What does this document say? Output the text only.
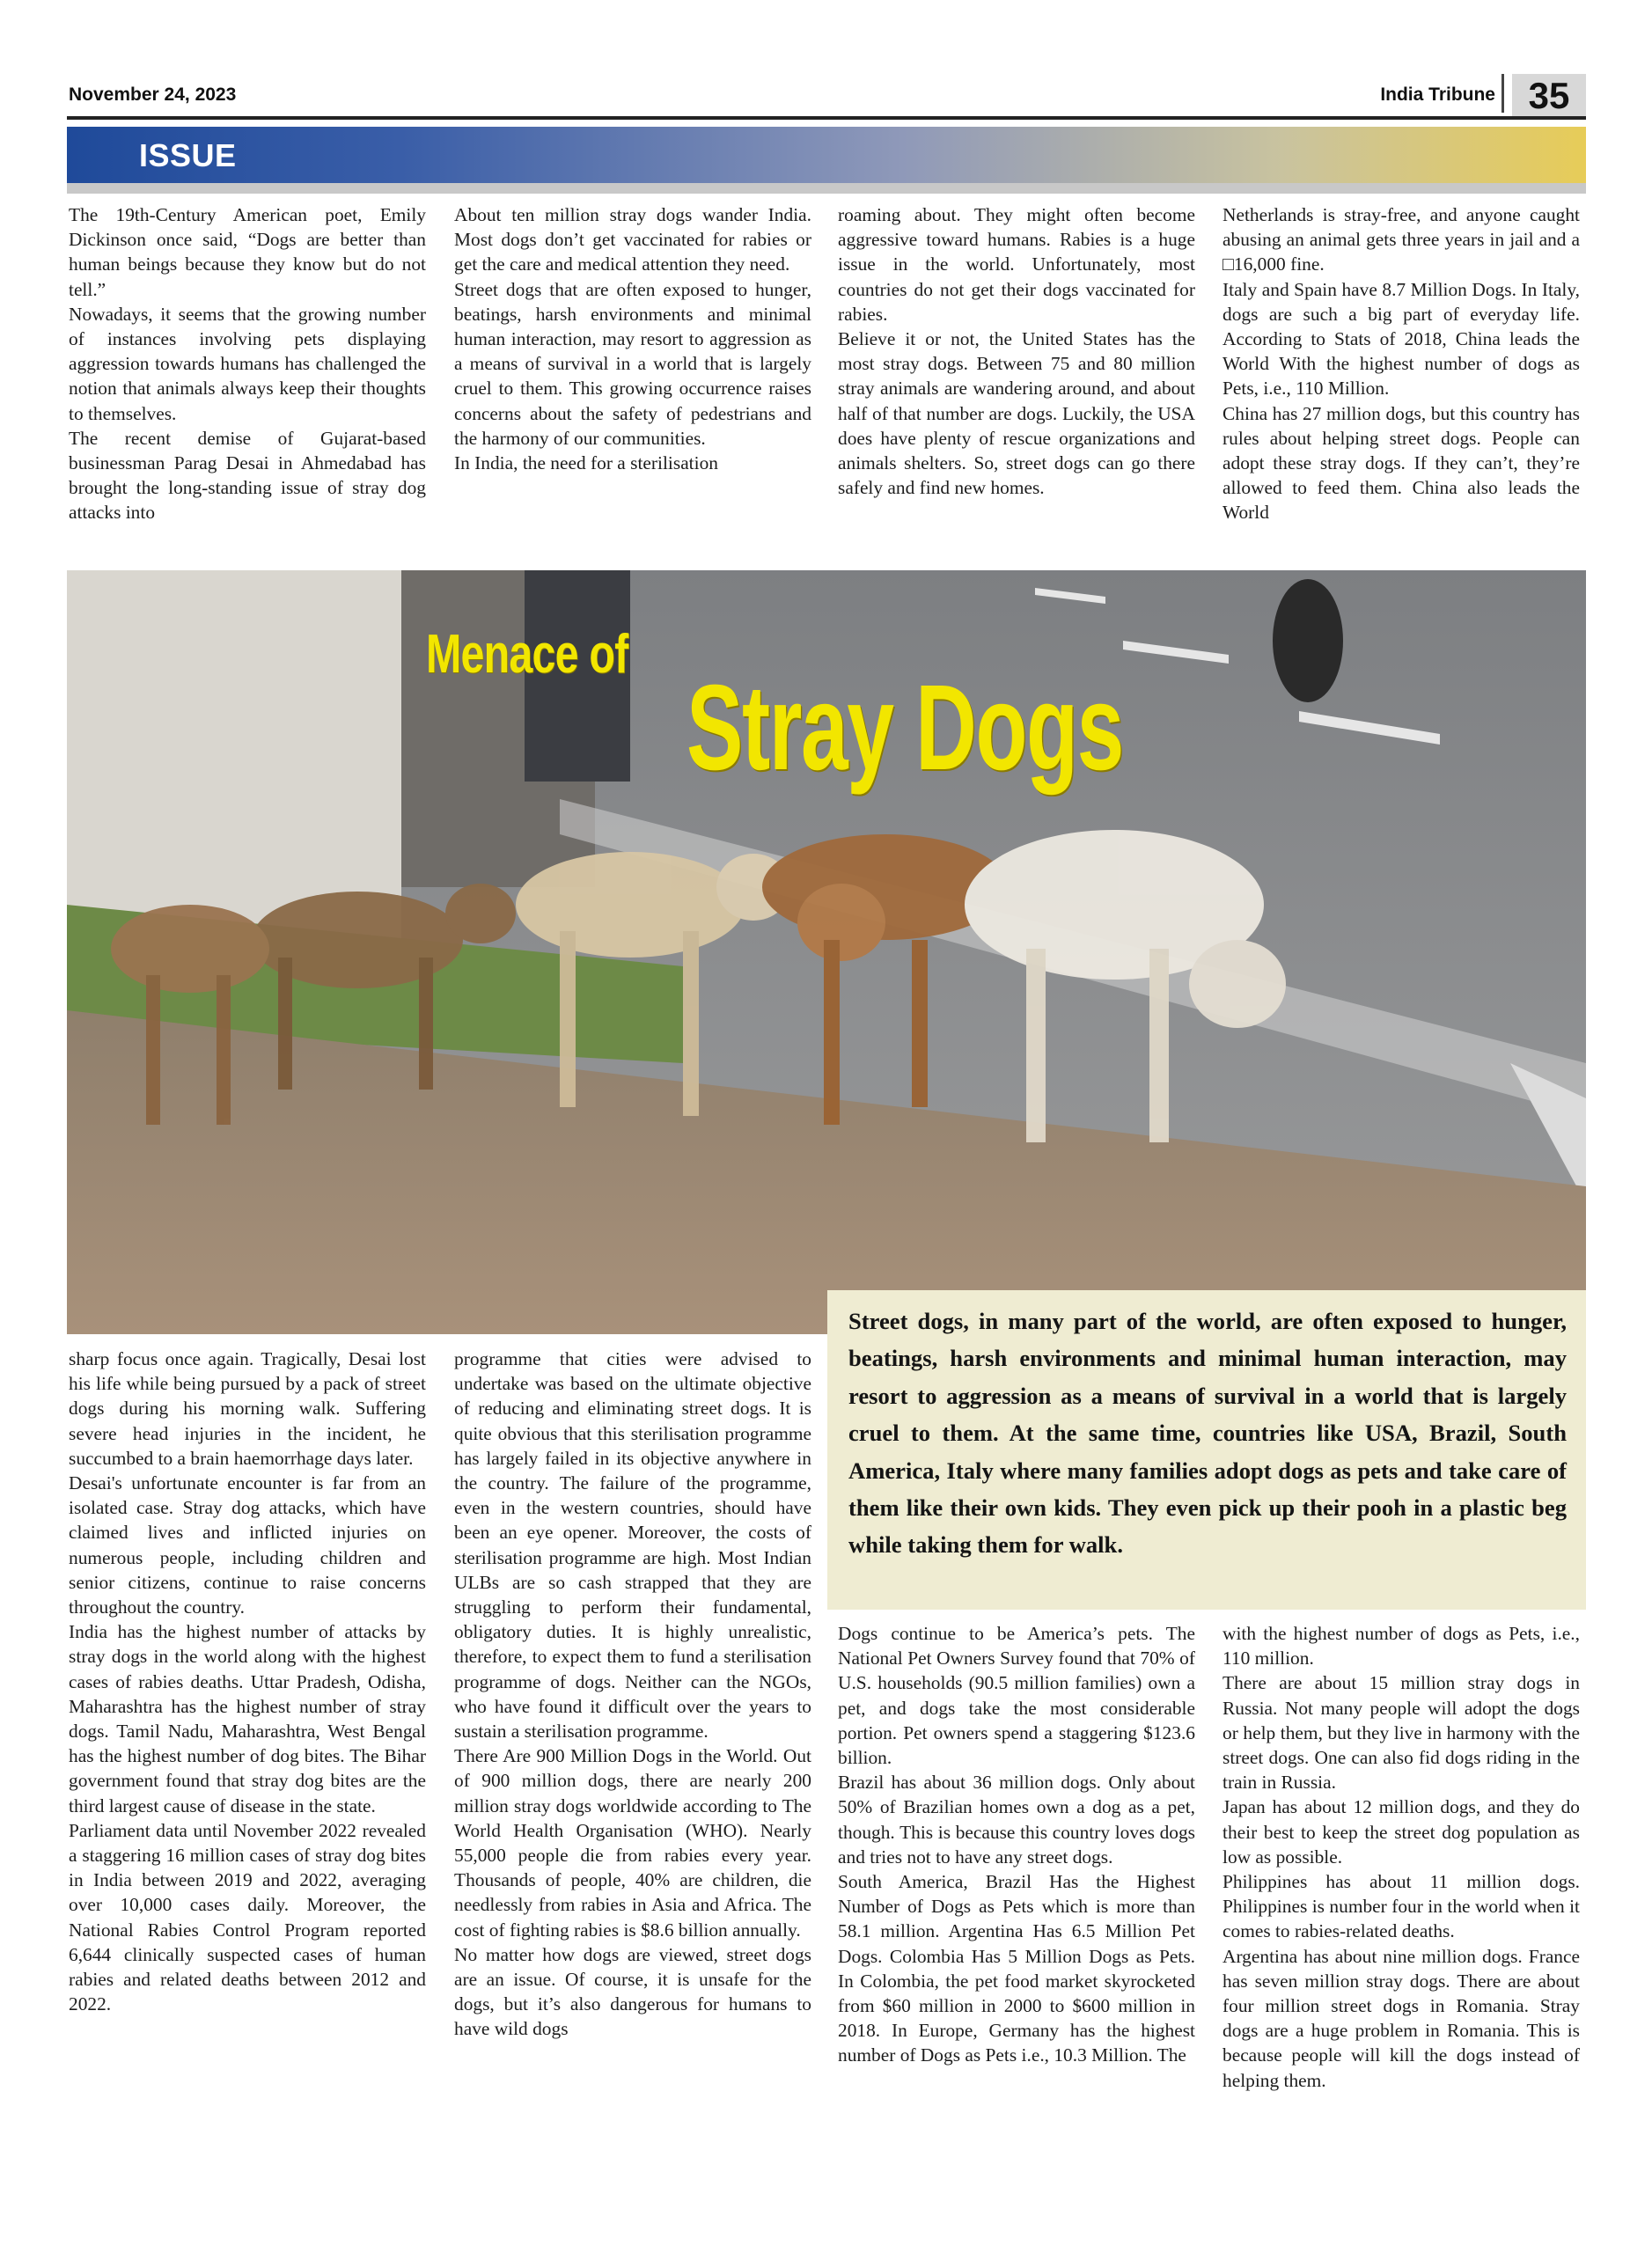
November 24, 2023	India Tribune 35
ISSUE

The 19th-Century American poet, Emily Dickinson once said, “Dogs are better than human beings because they know but do not tell.”

Nowadays, it seems that the growing number of instances involving pets displaying aggression towards humans has challenged the notion that animals always keep their thoughts to themselves.

The recent demise of Gujarat-based businessman Parag Desai in Ahmedabad has brought the long-standing issue of stray dog attacks into

About ten million stray dogs wander India. Most dogs don’t get vaccinated for rabies or get the care and medical attention they need.

Street dogs that are often exposed to hunger, beatings, harsh environments and minimal human interaction, may resort to aggression as a means of survival in a world that is largely cruel to them. This growing occurrence raises concerns about the safety of pedestrians and the harmony of our communities.

In India, the need for a sterilisation

roaming about. They might often become aggressive toward humans. Rabies is a huge issue in the world. Unfortunately, most countries do not get their dogs vaccinated for rabies.

Believe it or not, the United States has the most stray dogs. Between 75 and 80 million stray animals are wandering around, and about half of that number are dogs. Luckily, the USA does have plenty of rescue organizations and animals shelters. So, street dogs can go there safely and find new homes.

Netherlands is stray-free, and anyone caught abusing an animal gets three years in jail and a □16,000 fine.

Italy and Spain have 8.7 Million Dogs. In Italy, dogs are such a big part of everyday life. According to Stats of 2018, China leads the World With the highest number of dogs as Pets, i.e., 110 Million.

China has 27 million dogs, but this country has rules about helping street dogs. People can adopt these stray dogs. If they can’t, they’re allowed to feed them. China also leads the World

Menace of
Stray Dogs

Street dogs, in many part of the world, are often exposed to hunger, beatings, harsh environments and minimal human interaction, may resort to aggression as a means of survival in a world that is largely cruel to them. At the same time, countries like USA, Brazil, South America, Italy where many families adopt dogs as pets and take care of them like their own kids. They even pick up their pooh in a plastic beg while taking them for walk.

sharp focus once again. Tragically, Desai lost his life while being pursued by a pack of street dogs during his morning walk. Suffering severe head injuries in the incident, he succumbed to a brain haemorrhage days later.

Desai's unfortunate encounter is far from an isolated case. Stray dog attacks, which have claimed lives and inflicted injuries on numerous people, including children and senior citizens, continue to raise concerns throughout the country.

India has the highest number of attacks by stray dogs in the world along with the highest cases of rabies deaths. Uttar Pradesh, Odisha, Maharashtra has the highest number of stray dogs. Tamil Nadu, Maharashtra, West Bengal has the highest number of dog bites. The Bihar government found that stray dog bites are the third largest cause of disease in the state.

Parliament data until November 2022 revealed a staggering 16 million cases of stray dog bites in India between 2019 and 2022, averaging over 10,000 cases daily. Moreover, the National Rabies Control Program reported 6,644 clinically suspected cases of human rabies and related deaths between 2012 and 2022.

programme that cities were advised to undertake was based on the ultimate objective of reducing and eliminating street dogs. It is quite obvious that this sterilisation programme has largely failed in its objective anywhere in the country. The failure of the programme, even in the western countries, should have been an eye opener. Moreover, the costs of sterilisation programme are high. Most Indian ULBs are so cash strapped that they are struggling to perform their fundamental, obligatory duties. It is highly unrealistic, therefore, to expect them to fund a sterilisation programme of dogs. Neither can the NGOs, who have found it difficult over the years to sustain a sterilisation programme.

There Are 900 Million Dogs in the World. Out of 900 million dogs, there are nearly 200 million stray dogs worldwide according to The World Health Organisation (WHO). Nearly 55,000 people die from rabies every year. Thousands of people, 40% are children, die needlessly from rabies in Asia and Africa. The cost of fighting rabies is $8.6 billion annually.

No matter how dogs are viewed, street dogs are an issue. Of course, it is unsafe for the dogs, but it’s also dangerous for humans to have wild dogs

Dogs continue to be America’s pets. The National Pet Owners Survey found that 70% of U.S. households (90.5 million families) own a pet, and dogs take the most considerable portion. Pet owners spend a staggering $123.6 billion.

Brazil has about 36 million dogs. Only about 50% of Brazilian homes own a dog as a pet, though. This is because this country loves dogs and tries not to have any street dogs.

South America, Brazil Has the Highest Number of Dogs as Pets which is more than 58.1 million. Argentina Has 6.5 Million Pet Dogs. Colombia Has 5 Million Dogs as Pets. In Colombia, the pet food market skyrocketed from $60 million in 2000 to $600 million in 2018. In Europe, Germany has the highest number of Dogs as Pets i.e., 10.3 Million. The

with the highest number of dogs as Pets, i.e., 110 million.

There are about 15 million stray dogs in Russia. Not many people will adopt the dogs or help them, but they live in harmony with the street dogs. One can also fid dogs riding in the train in Russia.

Japan has about 12 million dogs, and they do their best to keep the street dog population as low as possible.

Philippines has about 11 million dogs. Philippines is number four in the world when it comes to rabies-related deaths.

Argentina has about nine million dogs. France has seven million stray dogs. There are about four million street dogs in Romania. Stray dogs are a huge problem in Romania. This is because people will kill the dogs instead of helping them.
